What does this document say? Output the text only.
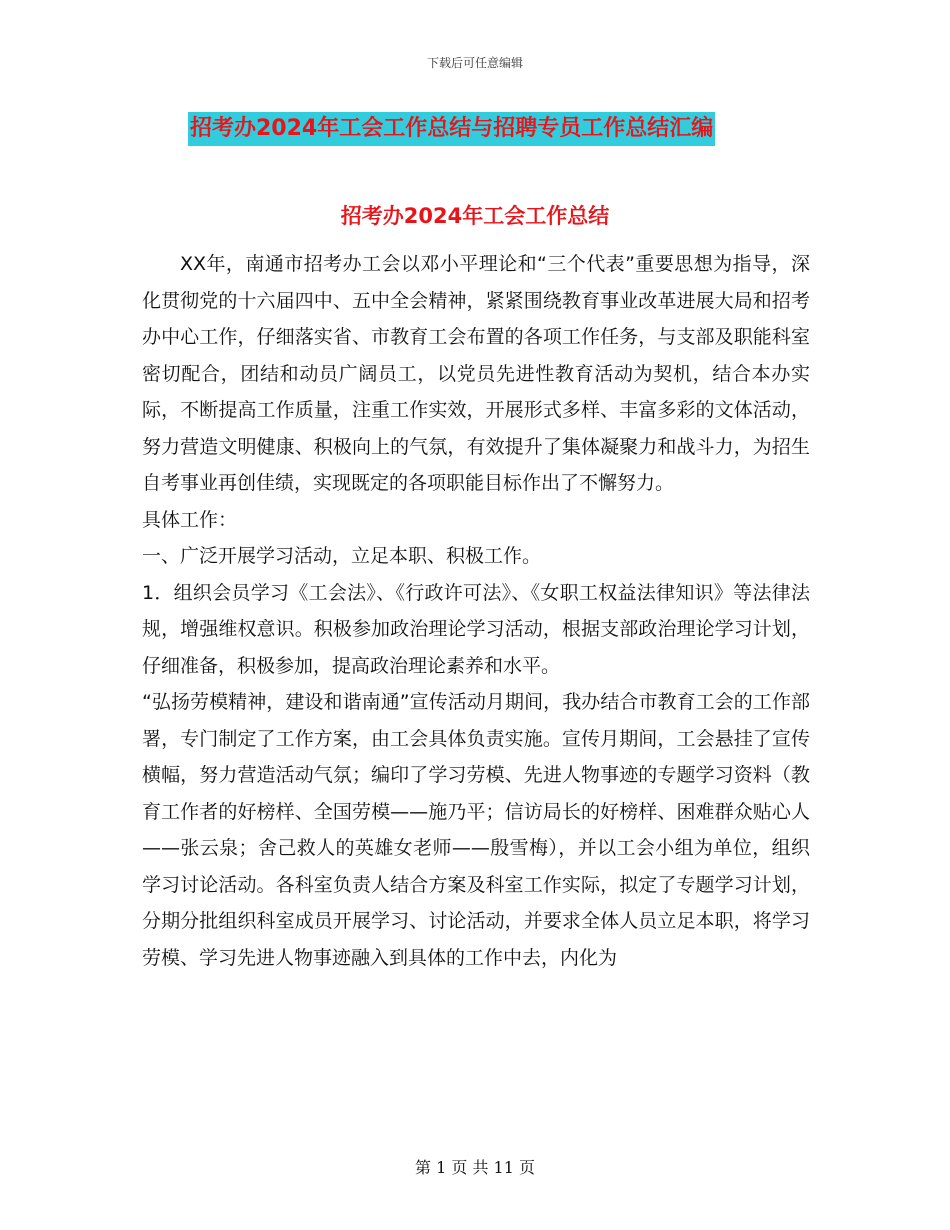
下载后可任意编辑
招考办2024年工会工作总结与招聘专员工作总结汇编
招考办2024年工会工作总结

XX年，南通市招考办工会以邓小平理论和“三个代表”重要思想为指导，深化贯彻党的十六届四中、五中全会精神，紧紧围绕教育事业改革进展大局和招考办中心工作，仔细落实省、市教育工会布置的各项工作任务，与支部及职能科室密切配合，团结和动员广阔员工，以党员先进性教育活动为契机，结合本办实际，不断提高工作质量，注重工作实效，开展形式多样、丰富多彩的文体活动，努力营造文明健康、积极向上的气氛，有效提升了集体凝聚力和战斗力，为招生自考事业再创佳绩，实现既定的各项职能目标作出了不懈努力。

具体工作：

一、广泛开展学习活动，立足本职、积极工作。

1．组织会员学习《工会法》、《行政许可法》、《女职工权益法律知识》等法律法规，增强维权意识。积极参加政治理论学习活动，根据支部政治理论学习计划，仔细准备，积极参加，提高政治理论素养和水平。

“弘扬劳模精神，建设和谐南通”宣传活动月期间，我办结合市教育工会的工作部署，专门制定了工作方案，由工会具体负责实施。宣传月期间，工会悬挂了宣传横幅，努力营造活动气氛；编印了学习劳模、先进人物事迹的专题学习资料（教育工作者的好榜样、全国劳模——施乃平；信访局长的好榜样、困难群众贴心人——张云泉；舍己救人的英雄女老师——殷雪梅），并以工会小组为单位，组织学习讨论活动。各科室负责人结合方案及科室工作实际，拟定了专题学习计划，分期分批组织科室成员开展学习、讨论活动，并要求全体人员立足本职，将学习劳模、学习先进人物事迹融入到具体的工作中去，内化为

第 1 页 共 11 页
